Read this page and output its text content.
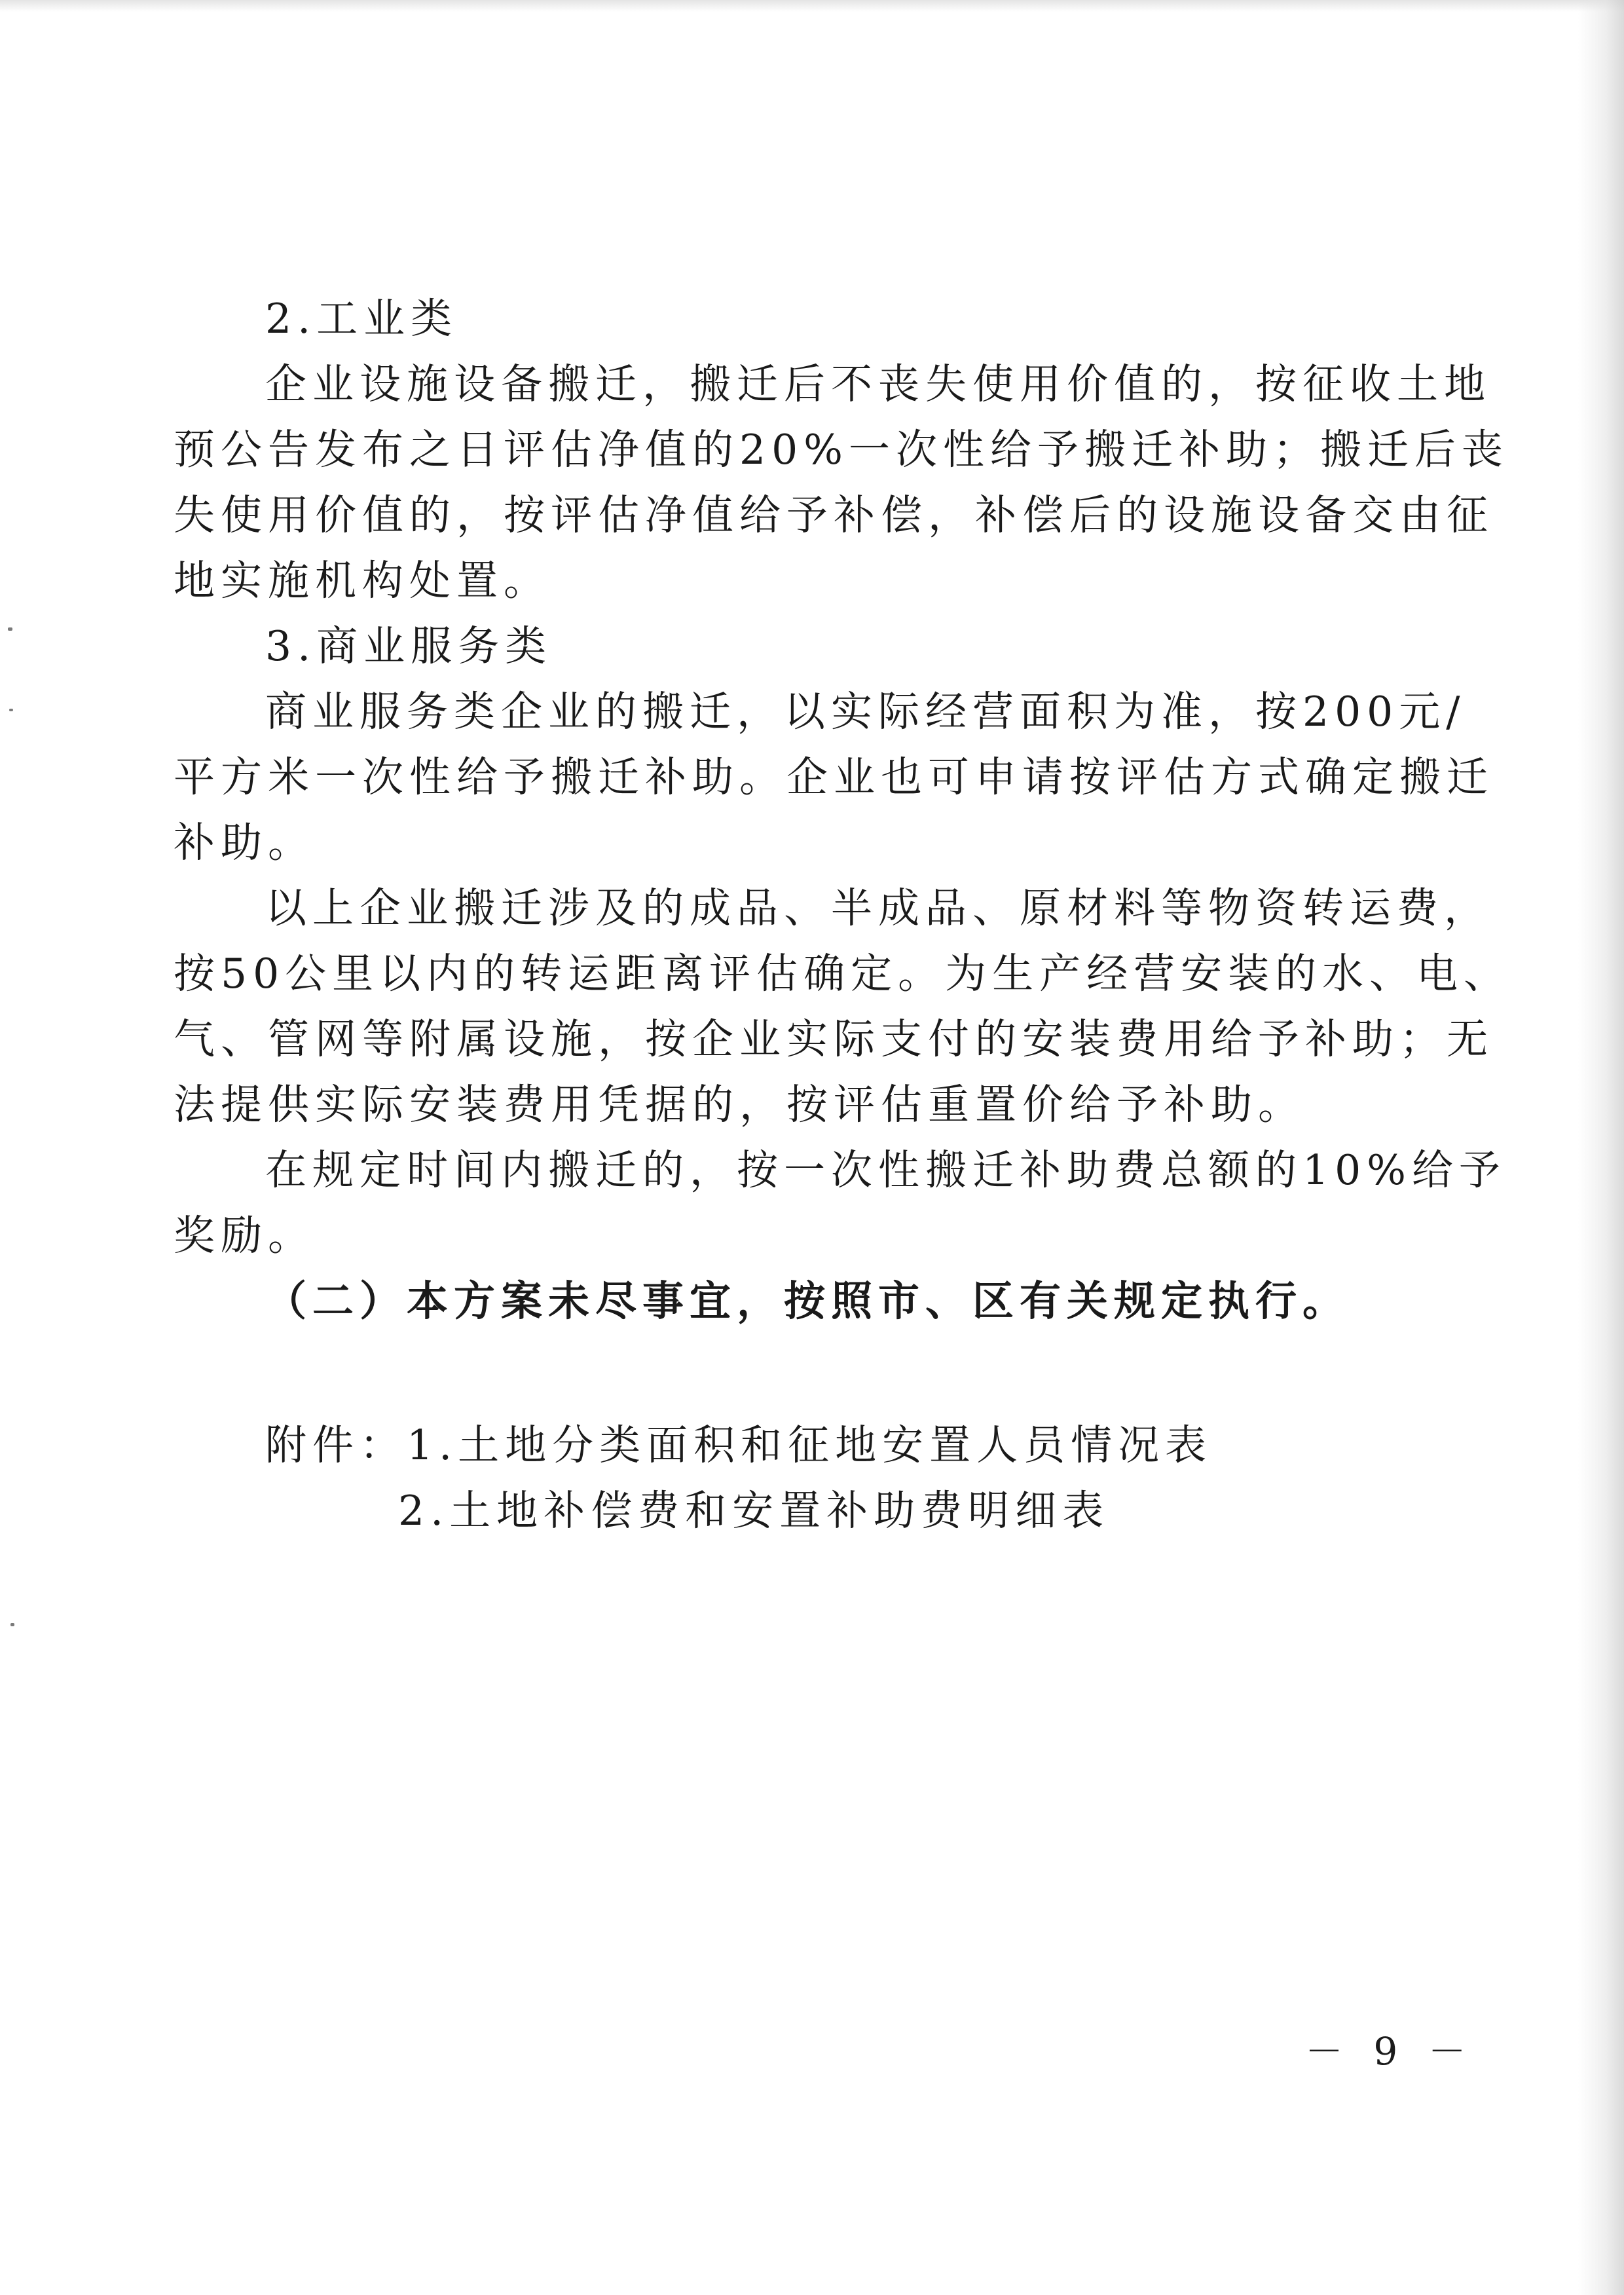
2.工业类
企业设施设备搬迁，搬迁后不丧失使用价值的，按征收土地
预公告发布之日评估净值的20%一次性给予搬迁补助；搬迁后丧
失使用价值的，按评估净值给予补偿，补偿后的设施设备交由征
地实施机构处置。
3.商业服务类
商业服务类企业的搬迁，以实际经营面积为准，按200元/
平方米一次性给予搬迁补助。企业也可申请按评估方式确定搬迁
补助。
以上企业搬迁涉及的成品、半成品、原材料等物资转运费，
按50公里以内的转运距离评估确定。为生产经营安装的水、电、
气、管网等附属设施，按企业实际支付的安装费用给予补助；无
法提供实际安装费用凭据的，按评估重置价给予补助。
在规定时间内搬迁的，按一次性搬迁补助费总额的10%给予
奖励。
（二）本方案未尽事宜，按照市、区有关规定执行。
附件：1.土地分类面积和征地安置人员情况表
2.土地补偿费和安置补助费明细表
－ 9 －
